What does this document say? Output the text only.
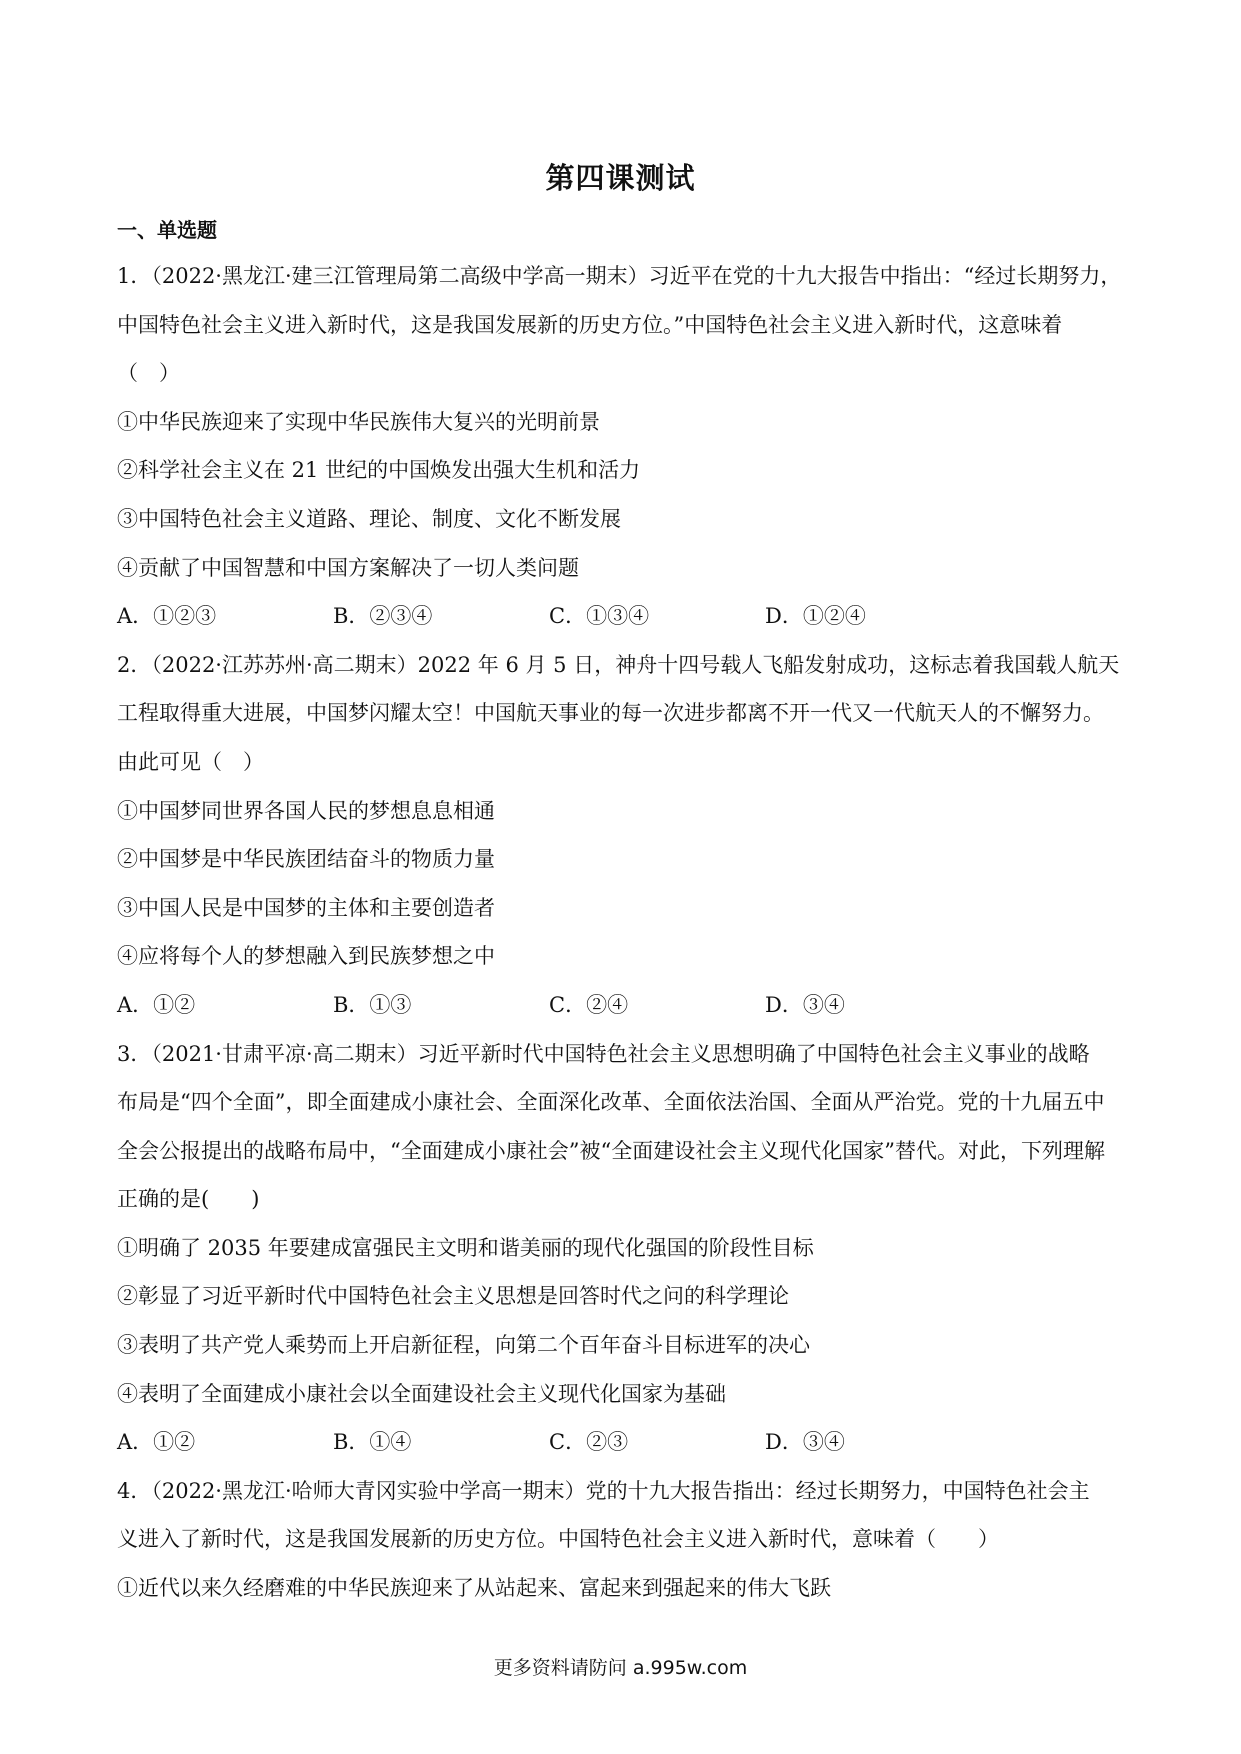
第四课测试
一、单选题
1．（2022·黑龙江·建三江管理局第二高级中学高一期末）习近平在党的十九大报告中指出：“经过长期努力，
中国特色社会主义进入新时代，这是我国发展新的历史方位。”中国特色社会主义进入新时代，这意味着
（　）
①中华民族迎来了实现中华民族伟大复兴的光明前景
②科学社会主义在 21 世纪的中国焕发出强大生机和活力
③中国特色社会主义道路、理论、制度、文化不断发展
④贡献了中国智慧和中国方案解决了一切人类问题
A．①②③	B．②③④	C．①③④	D．①②④
2．（2022·江苏苏州·高二期末）2022 年 6 月 5 日，神舟十四号载人飞船发射成功，这标志着我国载人航天
工程取得重大进展，中国梦闪耀太空！中国航天事业的每一次进步都离不开一代又一代航天人的不懈努力。
由此可见（　）
①中国梦同世界各国人民的梦想息息相通
②中国梦是中华民族团结奋斗的物质力量
③中国人民是中国梦的主体和主要创造者
④应将每个人的梦想融入到民族梦想之中
A．①②	B．①③	C．②④	D．③④
3．（2021·甘肃平凉·高二期末）习近平新时代中国特色社会主义思想明确了中国特色社会主义事业的战略
布局是“四个全面”，即全面建成小康社会、全面深化改革、全面依法治国、全面从严治党。党的十九届五中
全会公报提出的战略布局中，“全面建成小康社会”被“全面建设社会主义现代化国家”替代。对此，下列理解
正确的是(　　)
①明确了 2035 年要建成富强民主文明和谐美丽的现代化强国的阶段性目标
②彰显了习近平新时代中国特色社会主义思想是回答时代之问的科学理论
③表明了共产党人乘势而上开启新征程，向第二个百年奋斗目标进军的决心
④表明了全面建成小康社会以全面建设社会主义现代化国家为基础
A．①②	B．①④	C．②③	D．③④
4．（2022·黑龙江·哈师大青冈实验中学高一期末）党的十九大报告指出：经过长期努力，中国特色社会主
义进入了新时代，这是我国发展新的历史方位。中国特色社会主义进入新时代，意味着（　　）
①近代以来久经磨难的中华民族迎来了从站起来、富起来到强起来的伟大飞跃
更多资料请防问 a.995w.com
